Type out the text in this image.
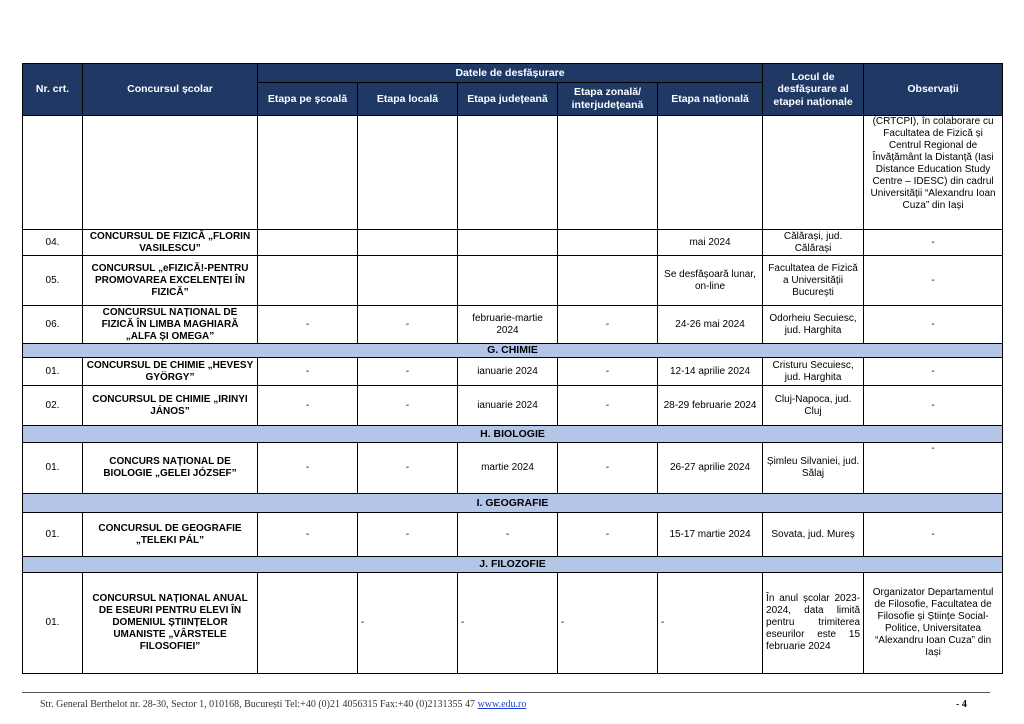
Nr. crt.	Concursul școlar	Datele de desfășurare					Locul de desfășurare al etapei naționale	Observații
		Etapa pe școală	Etapa locală	Etapa județeană	Etapa zonală/ interjudețeană	Etapa națională		
								(CRTCPI), în colaborare cu Facultatea de Fizică și Centrul Regional de Învățământ la Distanță (Iasi Distance Education Study Centre – IDESC) din cadrul Universității “Alexandru Ioan Cuza” din Iași
04.	CONCURSUL DE FIZICĂ „FLORIN VASILESCU”					mai 2024	Călărași, jud. Călărași	-
05.	CONCURSUL „eFIZICĂ!-PENTRU PROMOVAREA EXCELENȚEI ÎN FIZICĂ”					Se desfășoară lunar, on-line	Facultatea de Fizică a Universității București	-
06.	CONCURSUL NAȚIONAL DE FIZICĂ ÎN LIMBA MAGHIARĂ „ALFA ȘI OMEGA”	-	-	februarie-martie 2024	-	24-26 mai 2024	Odorheiu Secuiesc, jud. Harghita	-
G. CHIMIE								
01.	CONCURSUL DE CHIMIE „HEVESY GYÖRGY”	-	-	ianuarie 2024	-	12-14 aprilie 2024	Cristuru Secuiesc, jud. Harghita	-
02.	CONCURSUL DE CHIMIE „IRINYI JÁNOS”	-	-	ianuarie 2024	-	28-29 februarie 2024	Cluj-Napoca, jud. Cluj	-
H. BIOLOGIE								
01.	CONCURS NAȚIONAL DE BIOLOGIE „GELEI JÓZSEF”	-	-	martie 2024	-	26-27 aprilie 2024	Șimleu Silvaniei, jud. Sălaj	-
I. GEOGRAFIE								
01.	CONCURSUL DE GEOGRAFIE „TELEKI PÁL”	-	-	-	-	15-17 martie 2024	Sovata, jud. Mureș	-
J. FILOZOFIE								
01.	CONCURSUL NAȚIONAL ANUAL DE ESEURI PENTRU ELEVI ÎN DOMENIUL ȘTIINȚELOR UMANISTE „VÂRSTELE FILOSOFIEI”		-	-	-	-	În anul școlar 2023-2024, data limită pentru trimiterea eseurilor este 15 februarie 2024	Organizator Departamentul de Filosofie, Facultatea de Filosofie și Științe Social-Politice, Universitatea “Alexandru Ioan Cuza” din Iași
Str. General Berthelot nr. 28-30, Sector 1, 010168, București Tel:+40 (0)21 4056315 Fax:+40 (0)2131355 47 www.edu.ro	- 4
